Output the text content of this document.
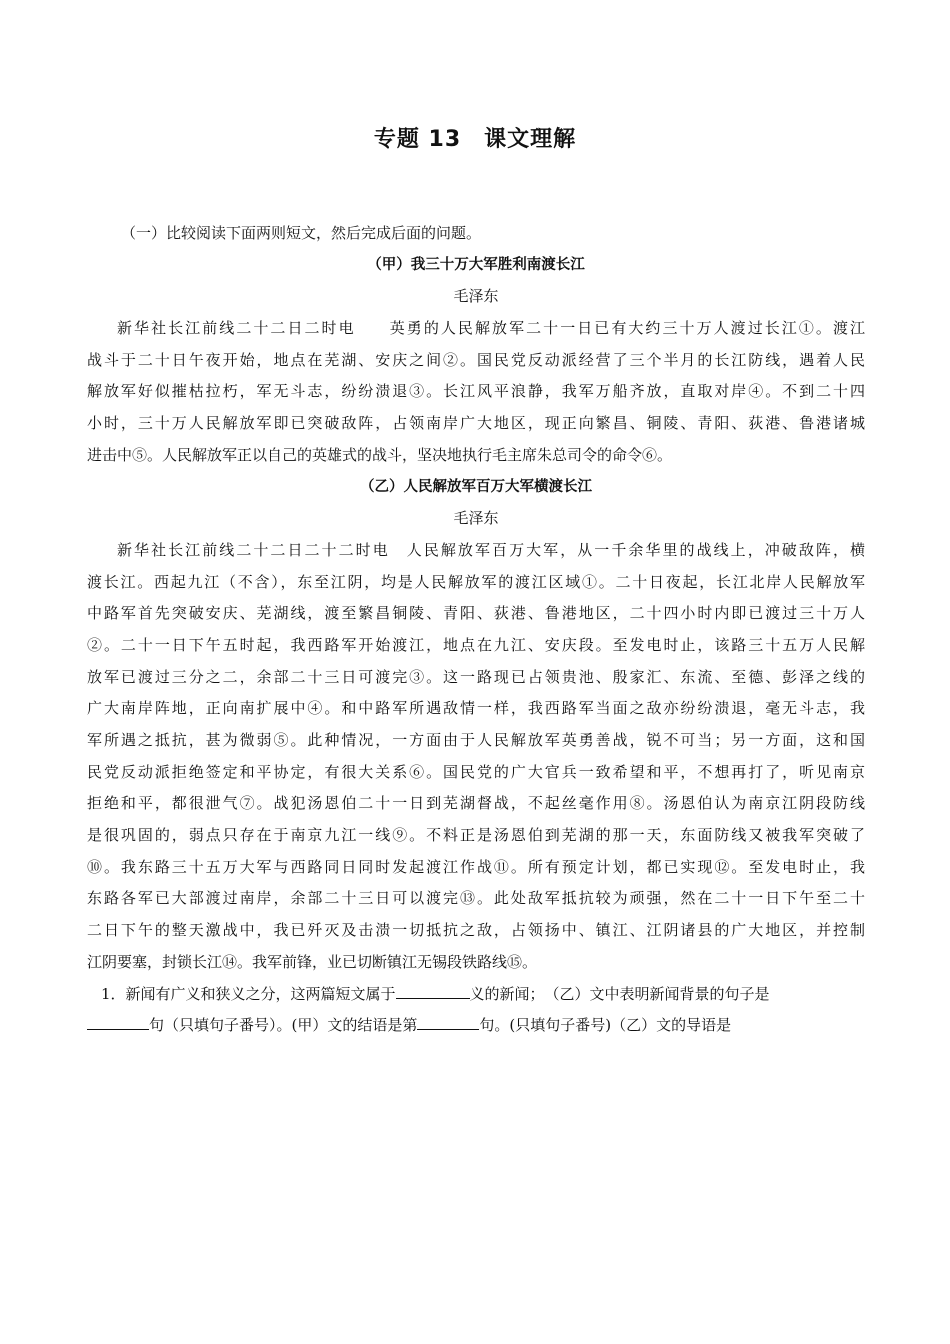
专题 13　课文理解
（一）比较阅读下面两则短文，然后完成后面的问题。
（甲）我三十万大军胜利南渡长江
毛泽东
新华社长江前线二十二日二时电　　英勇的人民解放军二十一日已有大约三十万人渡过长江①。渡江
战斗于二十日午夜开始，地点在芜湖、安庆之间②。国民党反动派经营了三个半月的长江防线，遇着人民
解放军好似摧枯拉朽，军无斗志，纷纷溃退③。长江风平浪静，我军万船齐放，直取对岸④。不到二十四
小时，三十万人民解放军即已突破敌阵，占领南岸广大地区，现正向繁昌、铜陵、青阳、荻港、鲁港诸城
进击中⑤。人民解放军正以自己的英雄式的战斗，坚决地执行毛主席朱总司令的命令⑥。
（乙）人民解放军百万大军横渡长江
毛泽东
新华社长江前线二十二日二十二时电　人民解放军百万大军，从一千余华里的战线上，冲破敌阵，横
渡长江。西起九江（不含），东至江阴，均是人民解放军的渡江区域①。二十日夜起，长江北岸人民解放军
中路军首先突破安庆、芜湖线，渡至繁昌铜陵、青阳、荻港、鲁港地区，二十四小时内即已渡过三十万人
②。二十一日下午五时起，我西路军开始渡江，地点在九江、安庆段。至发电时止，该路三十五万人民解
放军已渡过三分之二，余部二十三日可渡完③。这一路现已占领贵池、殷家汇、东流、至德、彭泽之线的
广大南岸阵地，正向南扩展中④。和中路军所遇敌情一样，我西路军当面之敌亦纷纷溃退，毫无斗志，我
军所遇之抵抗，甚为微弱⑤。此种情况，一方面由于人民解放军英勇善战，锐不可当；另一方面，这和国
民党反动派拒绝签定和平协定，有很大关系⑥。国民党的广大官兵一致希望和平，不想再打了，听见南京
拒绝和平，都很泄气⑦。战犯汤恩伯二十一日到芜湖督战，不起丝毫作用⑧。汤恩伯认为南京江阴段防线
是很巩固的，弱点只存在于南京九江一线⑨。不料正是汤恩伯到芜湖的那一天，东面防线又被我军突破了
⑩。我东路三十五万大军与西路同日同时发起渡江作战⑪。所有预定计划，都已实现⑫。至发电时止，我
东路各军已大部渡过南岸，余部二十三日可以渡完⑬。此处敌军抵抗较为顽强，然在二十一日下午至二十
二日下午的整天激战中，我已歼灭及击溃一切抵抗之敌，占领扬中、镇江、江阴诸县的广大地区，并控制
江阴要塞，封锁长江⑭。我军前锋，业已切断镇江无锡段铁路线⑮。
1．新闻有广义和狭义之分，这两篇短文属于	义的新闻；　（乙）文中表明新闻背景的句子是
句（只填句子番号）。(甲）文的结语是第	句。(只填句子番号)（乙）文的导语是
